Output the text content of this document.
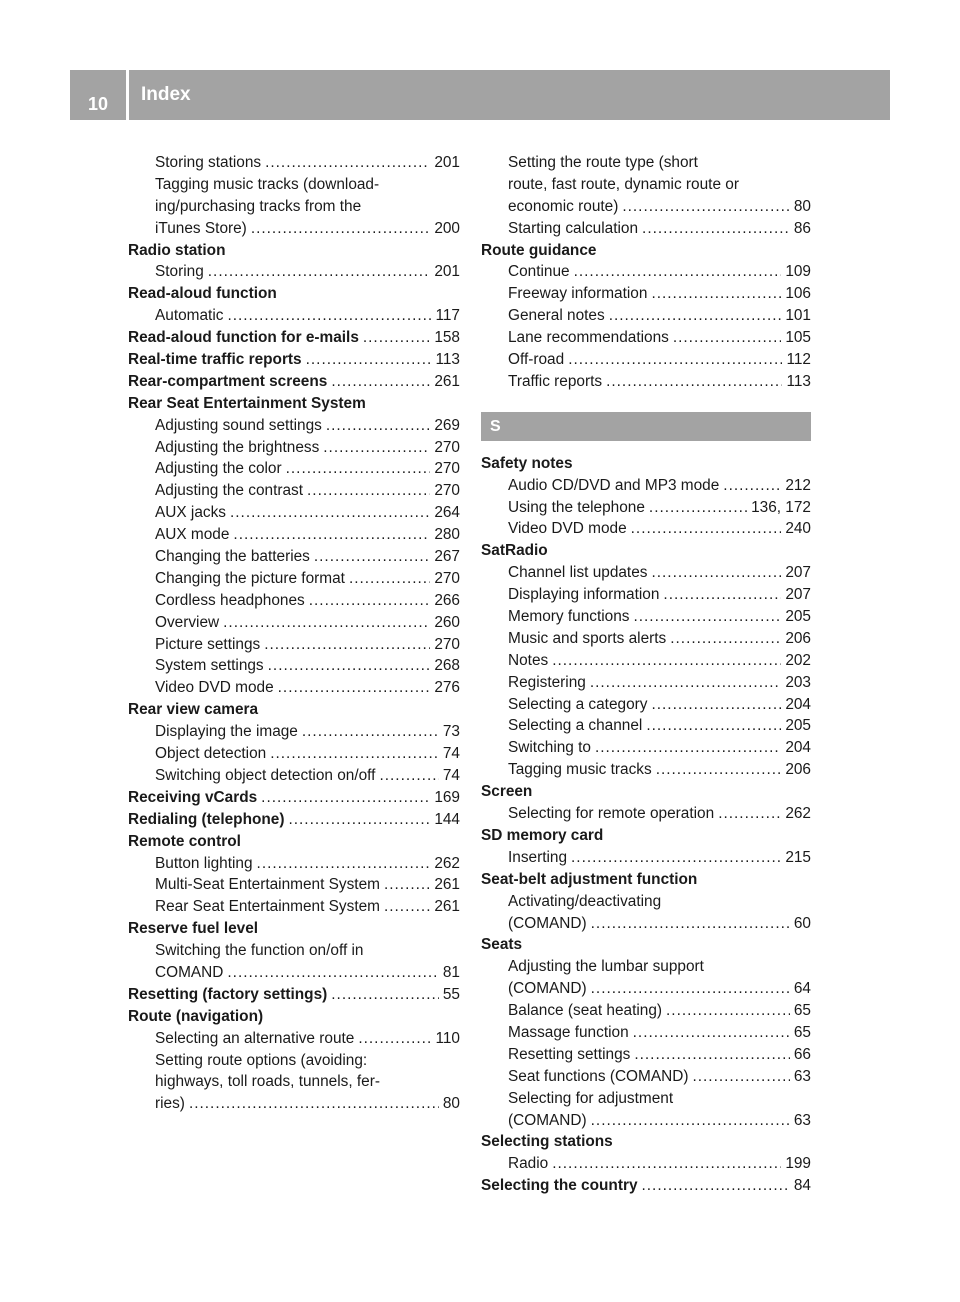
10	Index
Storing stations .....	201
Tagging music tracks (download-
ing/purchasing tracks from the
iTunes Store) .....	200
Radio station
Storing .....	201
Read-aloud function
Automatic .....	117
Read-aloud function for e-mails .....	158
Real-time traffic reports .....	113
Rear-compartment screens .....	261
Rear Seat Entertainment System
Adjusting sound settings .....	269
Adjusting the brightness .....	270
Adjusting the color .....	270
Adjusting the contrast .....	270
AUX jacks .....	264
AUX mode .....	280
Changing the batteries .....	267
Changing the picture format .....	270
Cordless headphones .....	266
Overview .....	260
Picture settings .....	270
System settings .....	268
Video DVD mode .....	276
Rear view camera
Displaying the image .....	73
Object detection .....	74
Switching object detection on/off .....	74
Receiving vCards .....	169
Redialing (telephone) .....	144
Remote control
Button lighting .....	262
Multi-Seat Entertainment System .....	261
Rear Seat Entertainment System .....	261
Reserve fuel level
Switching the function on/off in
COMAND .....	81
Resetting (factory settings) .....	55
Route (navigation)
Selecting an alternative route .....	110
Setting route options (avoiding:
highways, toll roads, tunnels, fer-
ries) .....	80
Setting the route type (short
route, fast route, dynamic route or
economic route) .....	80
Starting calculation .....	86
Route guidance
Continue .....	109
Freeway information .....	106
General notes .....	101
Lane recommendations .....	105
Off-road .....	112
Traffic reports .....	113
S
Safety notes
Audio CD/DVD and MP3 mode .....	212
Using the telephone .....	136, 172
Video DVD mode .....	240
SatRadio
Channel list updates .....	207
Displaying information .....	207
Memory functions .....	205
Music and sports alerts .....	206
Notes .....	202
Registering .....	203
Selecting a category .....	204
Selecting a channel .....	205
Switching to .....	204
Tagging music tracks .....	206
Screen
Selecting for remote operation .....	262
SD memory card
Inserting .....	215
Seat-belt adjustment function
Activating/deactivating
(COMAND) .....	60
Seats
Adjusting the lumbar support
(COMAND) .....	64
Balance (seat heating) .....	65
Massage function .....	65
Resetting settings .....	66
Seat functions (COMAND) .....	63
Selecting for adjustment
(COMAND) .....	63
Selecting stations
Radio .....	199
Selecting the country .....	84
